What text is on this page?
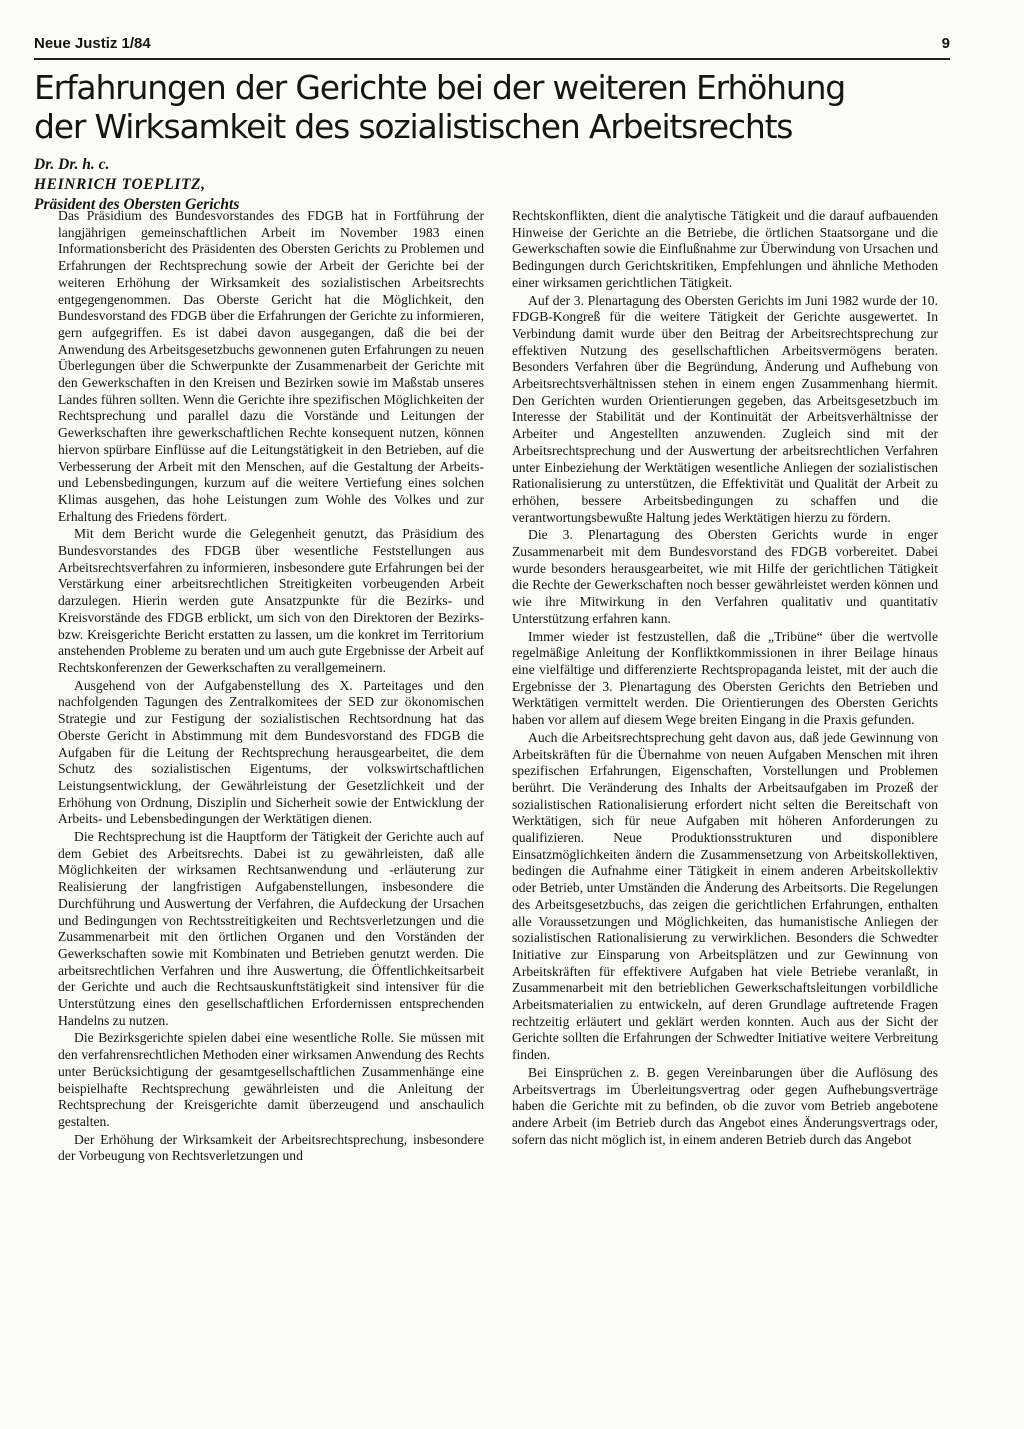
Neue Justiz 1/84	9
Erfahrungen der Gerichte bei der weiteren Erhöhung
der Wirksamkeit des sozialistischen Arbeitsrechts
Dr. Dr. h. c.
HEINRICH TOEPLITZ,
Präsident des Obersten Gerichts

Das Präsidium des Bundesvorstandes des FDGB hat in Fortführung der langjährigen gemeinschaftlichen Arbeit im November 1983 einen Informationsbericht des Präsidenten des Obersten Gerichts zu Problemen und Erfahrungen der Rechtsprechung sowie der Arbeit der Gerichte bei der weiteren Erhöhung der Wirksamkeit des sozialistischen Arbeitsrechts entgegengenommen. Das Oberste Gericht hat die Möglichkeit, den Bundesvorstand des FDGB über die Erfahrungen der Gerichte zu informieren, gern aufgegriffen. Es ist dabei davon ausgegangen, daß die bei der Anwendung des Arbeitsgesetzbuchs gewonnenen guten Erfahrungen zu neuen Überlegungen über die Schwerpunkte der Zusammenarbeit der Gerichte mit den Gewerkschaften in den Kreisen und Bezirken sowie im Maßstab unseres Landes führen sollten. Wenn die Gerichte ihre spezifischen Möglichkeiten der Rechtsprechung und parallel dazu die Vorstände und Leitungen der Gewerkschaften ihre gewerkschaftlichen Rechte konsequent nutzen, können hiervon spürbare Einflüsse auf die Leitungstätigkeit in den Betrieben, auf die Verbesserung der Arbeit mit den Menschen, auf die Gestaltung der Arbeits- und Lebensbedingungen, kurzum auf die weitere Vertiefung eines solchen Klimas ausgehen, das hohe Leistungen zum Wohle des Volkes und zur Erhaltung des Friedens fördert.

Mit dem Bericht wurde die Gelegenheit genutzt, das Präsidium des Bundesvorstandes des FDGB über wesentliche Feststellungen aus Arbeitsrechtsverfahren zu informieren, insbesondere gute Erfahrungen bei der Verstärkung einer arbeitsrechtlichen Streitigkeiten vorbeugenden Arbeit darzulegen. Hierin werden gute Ansatzpunkte für die Bezirks- und Kreisvorstände des FDGB erblickt, um sich von den Direktoren der Bezirks- bzw. Kreisgerichte Bericht erstatten zu lassen, um die konkret im Territorium anstehenden Probleme zu beraten und um auch gute Ergebnisse der Arbeit auf Rechtskonferenzen der Gewerkschaften zu verallgemeinern.

Ausgehend von der Aufgabenstellung des X. Parteitages und den nachfolgenden Tagungen des Zentralkomitees der SED zur ökonomischen Strategie und zur Festigung der sozialistischen Rechtsordnung hat das Oberste Gericht in Abstimmung mit dem Bundesvorstand des FDGB die Aufgaben für die Leitung der Rechtsprechung herausgearbeitet, die dem Schutz des sozialistischen Eigentums, der volkswirtschaftlichen Leistungsentwicklung, der Gewährleistung der Gesetzlichkeit und der Erhöhung von Ordnung, Disziplin und Sicherheit sowie der Entwicklung der Arbeits- und Lebensbedingungen der Werktätigen dienen.

Die Rechtsprechung ist die Hauptform der Tätigkeit der Gerichte auch auf dem Gebiet des Arbeitsrechts. Dabei ist zu gewährleisten, daß alle Möglichkeiten der wirksamen Rechtsanwendung und -erläuterung zur Realisierung der langfristigen Aufgabenstellungen, insbesondere die Durchführung und Auswertung der Verfahren, die Aufdeckung der Ursachen und Bedingungen von Rechtsstreitigkeiten und Rechtsverletzungen und die Zusammenarbeit mit den örtlichen Organen und den Vorständen der Gewerkschaften sowie mit Kombinaten und Betrieben genutzt werden. Die arbeitsrechtlichen Verfahren und ihre Auswertung, die Öffentlichkeitsarbeit der Gerichte und auch die Rechtsauskunftstätigkeit sind intensiver für die Unterstützung eines den gesellschaftlichen Erfordernissen entsprechenden Handelns zu nutzen.

Die Bezirksgerichte spielen dabei eine wesentliche Rolle. Sie müssen mit den verfahrensrechtlichen Methoden einer wirksamen Anwendung des Rechts unter Berücksichtigung der gesamtgesellschaftlichen Zusammenhänge eine beispielhafte Rechtsprechung gewährleisten und die Anleitung der Rechtsprechung der Kreisgerichte damit überzeugend und anschaulich gestalten.

Der Erhöhung der Wirksamkeit der Arbeitsrechtsprechung, insbesondere der Vorbeugung von Rechtsverletzungen und

Rechtskonflikten, dient die analytische Tätigkeit und die darauf aufbauenden Hinweise der Gerichte an die Betriebe, die örtlichen Staatsorgane und die Gewerkschaften sowie die Einflußnahme zur Überwindung von Ursachen und Bedingungen durch Gerichtskritiken, Empfehlungen und ähnliche Methoden einer wirksamen gerichtlichen Tätigkeit.

Auf der 3. Plenartagung des Obersten Gerichts im Juni 1982 wurde der 10. FDGB-Kongreß für die weitere Tätigkeit der Gerichte ausgewertet. In Verbindung damit wurde über den Beitrag der Arbeitsrechtsprechung zur effektiven Nutzung des gesellschaftlichen Arbeitsvermögens beraten. Besonders Verfahren über die Begründung, Änderung und Aufhebung von Arbeitsrechtsverhältnissen stehen in einem engen Zusammenhang hiermit. Den Gerichten wurden Orientierungen gegeben, das Arbeitsgesetzbuch im Interesse der Stabilität und der Kontinuität der Arbeitsverhältnisse der Arbeiter und Angestellten anzuwenden. Zugleich sind mit der Arbeitsrechtsprechung und der Auswertung der arbeitsrechtlichen Verfahren unter Einbeziehung der Werktätigen wesentliche Anliegen der sozialistischen Rationalisierung zu unterstützen, die Effektivität und Qualität der Arbeit zu erhöhen, bessere Arbeitsbedingungen zu schaffen und die verantwortungsbewußte Haltung jedes Werktätigen hierzu zu fördern.

Die 3. Plenartagung des Obersten Gerichts wurde in enger Zusammenarbeit mit dem Bundesvorstand des FDGB vorbereitet. Dabei wurde besonders herausgearbeitet, wie mit Hilfe der gerichtlichen Tätigkeit die Rechte der Gewerkschaften noch besser gewährleistet werden können und wie ihre Mitwirkung in den Verfahren qualitativ und quantitativ Unterstützung erfahren kann.

Immer wieder ist festzustellen, daß die „Tribüne“ über die wertvolle regelmäßige Anleitung der Konfliktkommissionen in ihrer Beilage hinaus eine vielfältige und differenzierte Rechtspropaganda leistet, mit der auch die Ergebnisse der 3. Plenartagung des Obersten Gerichts den Betrieben und Werktätigen vermittelt werden. Die Orientierungen des Obersten Gerichts haben vor allem auf diesem Wege breiten Eingang in die Praxis gefunden.

Auch die Arbeitsrechtsprechung geht davon aus, daß jede Gewinnung von Arbeitskräften für die Übernahme von neuen Aufgaben Menschen mit ihren spezifischen Erfahrungen, Eigenschaften, Vorstellungen und Problemen berührt. Die Veränderung des Inhalts der Arbeitsaufgaben im Prozeß der sozialistischen Rationalisierung erfordert nicht selten die Bereitschaft von Werktätigen, sich für neue Aufgaben mit höheren Anforderungen zu qualifizieren. Neue Produktionsstrukturen und disponiblere Einsatzmöglichkeiten ändern die Zusammensetzung von Arbeitskollektiven, bedingen die Aufnahme einer Tätigkeit in einem anderen Arbeitskollektiv oder Betrieb, unter Umständen die Änderung des Arbeitsorts. Die Regelungen des Arbeitsgesetzbuchs, das zeigen die gerichtlichen Erfahrungen, enthalten alle Voraussetzungen und Möglichkeiten, das humanistische Anliegen der sozialistischen Rationalisierung zu verwirklichen. Besonders die Schwedter Initiative zur Einsparung von Arbeitsplätzen und zur Gewinnung von Arbeitskräften für effektivere Aufgaben hat viele Betriebe veranlaßt, in Zusammenarbeit mit den betrieblichen Gewerkschaftsleitungen vorbildliche Arbeitsmaterialien zu entwickeln, auf deren Grundlage auftretende Fragen rechtzeitig erläutert und geklärt werden konnten. Auch aus der Sicht der Gerichte sollten die Erfahrungen der Schwedter Initiative weitere Verbreitung finden.

Bei Einsprüchen z. B. gegen Vereinbarungen über die Auflösung des Arbeitsvertrags im Überleitungsvertrag oder gegen Aufhebungsverträge haben die Gerichte mit zu befinden, ob die zuvor vom Betrieb angebotene andere Arbeit (im Betrieb durch das Angebot eines Änderungsvertrags oder, sofern das nicht möglich ist, in einem anderen Betrieb durch das Angebot
